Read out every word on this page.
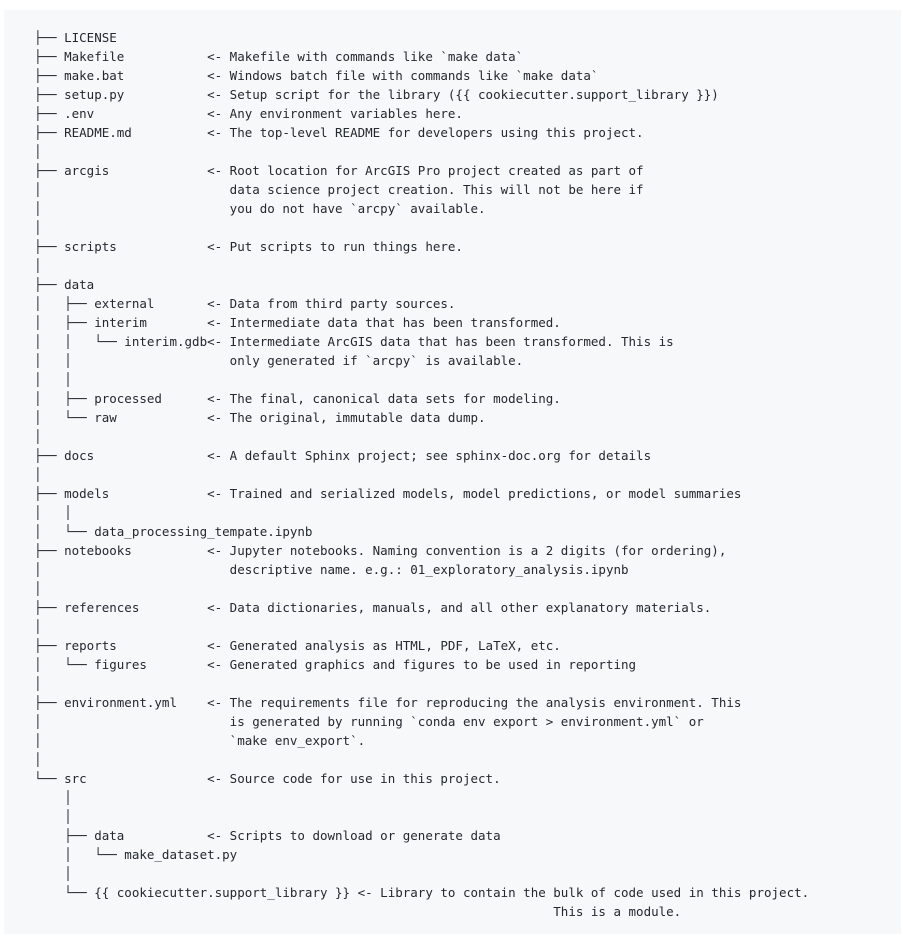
├── LICENSE
├── Makefile           <- Makefile with commands like `make data`
├── make.bat           <- Windows batch file with commands like `make data`
├── setup.py           <- Setup script for the library ({{ cookiecutter.support_library }})
├── .env               <- Any environment variables here.
├── README.md          <- The top-level README for developers using this project.
│
├── arcgis             <- Root location for ArcGIS Pro project created as part of
│                         data science project creation. This will not be here if
│                         you do not have `arcpy` available.
│
├── scripts            <- Put scripts to run things here.
│
├── data
│   ├── external       <- Data from third party sources.
│   ├── interim        <- Intermediate data that has been transformed.
│   │   └── interim.gdb<- Intermediate ArcGIS data that has been transformed. This is
│   │                     only generated if `arcpy` is available.
│   │
│   ├── processed      <- The final, canonical data sets for modeling.
│   └── raw            <- The original, immutable data dump.
│
├── docs               <- A default Sphinx project; see sphinx-doc.org for details
│
├── models             <- Trained and serialized models, model predictions, or model summaries
│   │
│   └── data_processing_tempate.ipynb
├── notebooks          <- Jupyter notebooks. Naming convention is a 2 digits (for ordering),
│                         descriptive name. e.g.: 01_exploratory_analysis.ipynb
│
├── references         <- Data dictionaries, manuals, and all other explanatory materials.
│
├── reports            <- Generated analysis as HTML, PDF, LaTeX, etc.
│   └── figures        <- Generated graphics and figures to be used in reporting
│
├── environment.yml    <- The requirements file for reproducing the analysis environment. This
│                         is generated by running `conda env export > environment.yml` or
│                         `make env_export`.
│
└── src                <- Source code for use in this project.
│
│
├── data           <- Scripts to download or generate data
│   └── make_dataset.py
│
└── {{ cookiecutter.support_library }} <- Library to contain the bulk of code used in this project.
This is a module.
